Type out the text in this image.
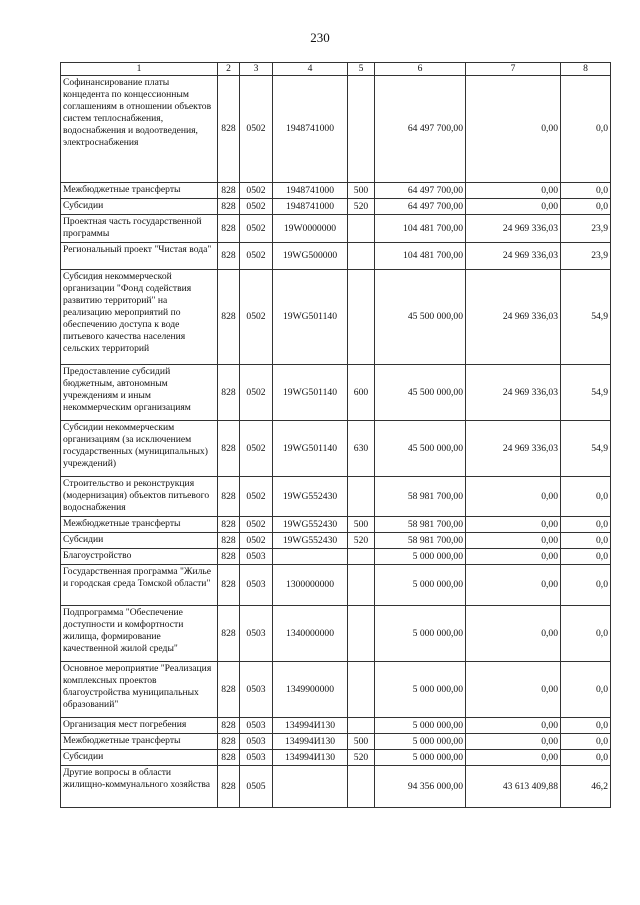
230
1	2	3	4	5	6	7	8
Софинансирование платы концедента по концессионным соглашениям в отношении объектов систем теплоснабжения, водоснабжения и водоотведения, электроснабжения	828	0502	1948741000		64 497 700,00	0,00	0,0
Межбюджетные трансферты	828	0502	1948741000	500	64 497 700,00	0,00	0,0
Субсидии	828	0502	1948741000	520	64 497 700,00	0,00	0,0
Проектная часть государственной программы	828	0502	19W0000000		104 481 700,00	24 969 336,03	23,9
Региональный проект "Чистая вода"	828	0502	19WG500000		104 481 700,00	24 969 336,03	23,9
Субсидия некоммерческой организации "Фонд содействия развитию территорий" на реализацию мероприятий по обеспечению доступа к воде питьевого качества населения сельских территорий	828	0502	19WG501140		45 500 000,00	24 969 336,03	54,9
Предоставление субсидий бюджетным, автономным учреждениям и иным некоммерческим организациям	828	0502	19WG501140	600	45 500 000,00	24 969 336,03	54,9
Субсидии некоммерческим организациям (за исключением государственных (муниципальных) учреждений)	828	0502	19WG501140	630	45 500 000,00	24 969 336,03	54,9
Строительство и реконструкция (модернизация) объектов питьевого водоснабжения	828	0502	19WG552430		58 981 700,00	0,00	0,0
Межбюджетные трансферты	828	0502	19WG552430	500	58 981 700,00	0,00	0,0
Субсидии	828	0502	19WG552430	520	58 981 700,00	0,00	0,0
Благоустройство	828	0503			5 000 000,00	0,00	0,0
Государственная программа "Жилье и городская среда Томской области"	828	0503	1300000000		5 000 000,00	0,00	0,0
Подпрограмма "Обеспечение доступности и комфортности жилища, формирование качественной жилой среды"	828	0503	1340000000		5 000 000,00	0,00	0,0
Основное мероприятие "Реализация комплексных проектов благоустройства муниципальных образований"	828	0503	1349900000		5 000 000,00	0,00	0,0
Организация мест погребения	828	0503	134994И130		5 000 000,00	0,00	0,0
Межбюджетные трансферты	828	0503	134994И130	500	5 000 000,00	0,00	0,0
Субсидии	828	0503	134994И130	520	5 000 000,00	0,00	0,0
Другие вопросы в области жилищно-коммунального хозяйства	828	0505			94 356 000,00	43 613 409,88	46,2
